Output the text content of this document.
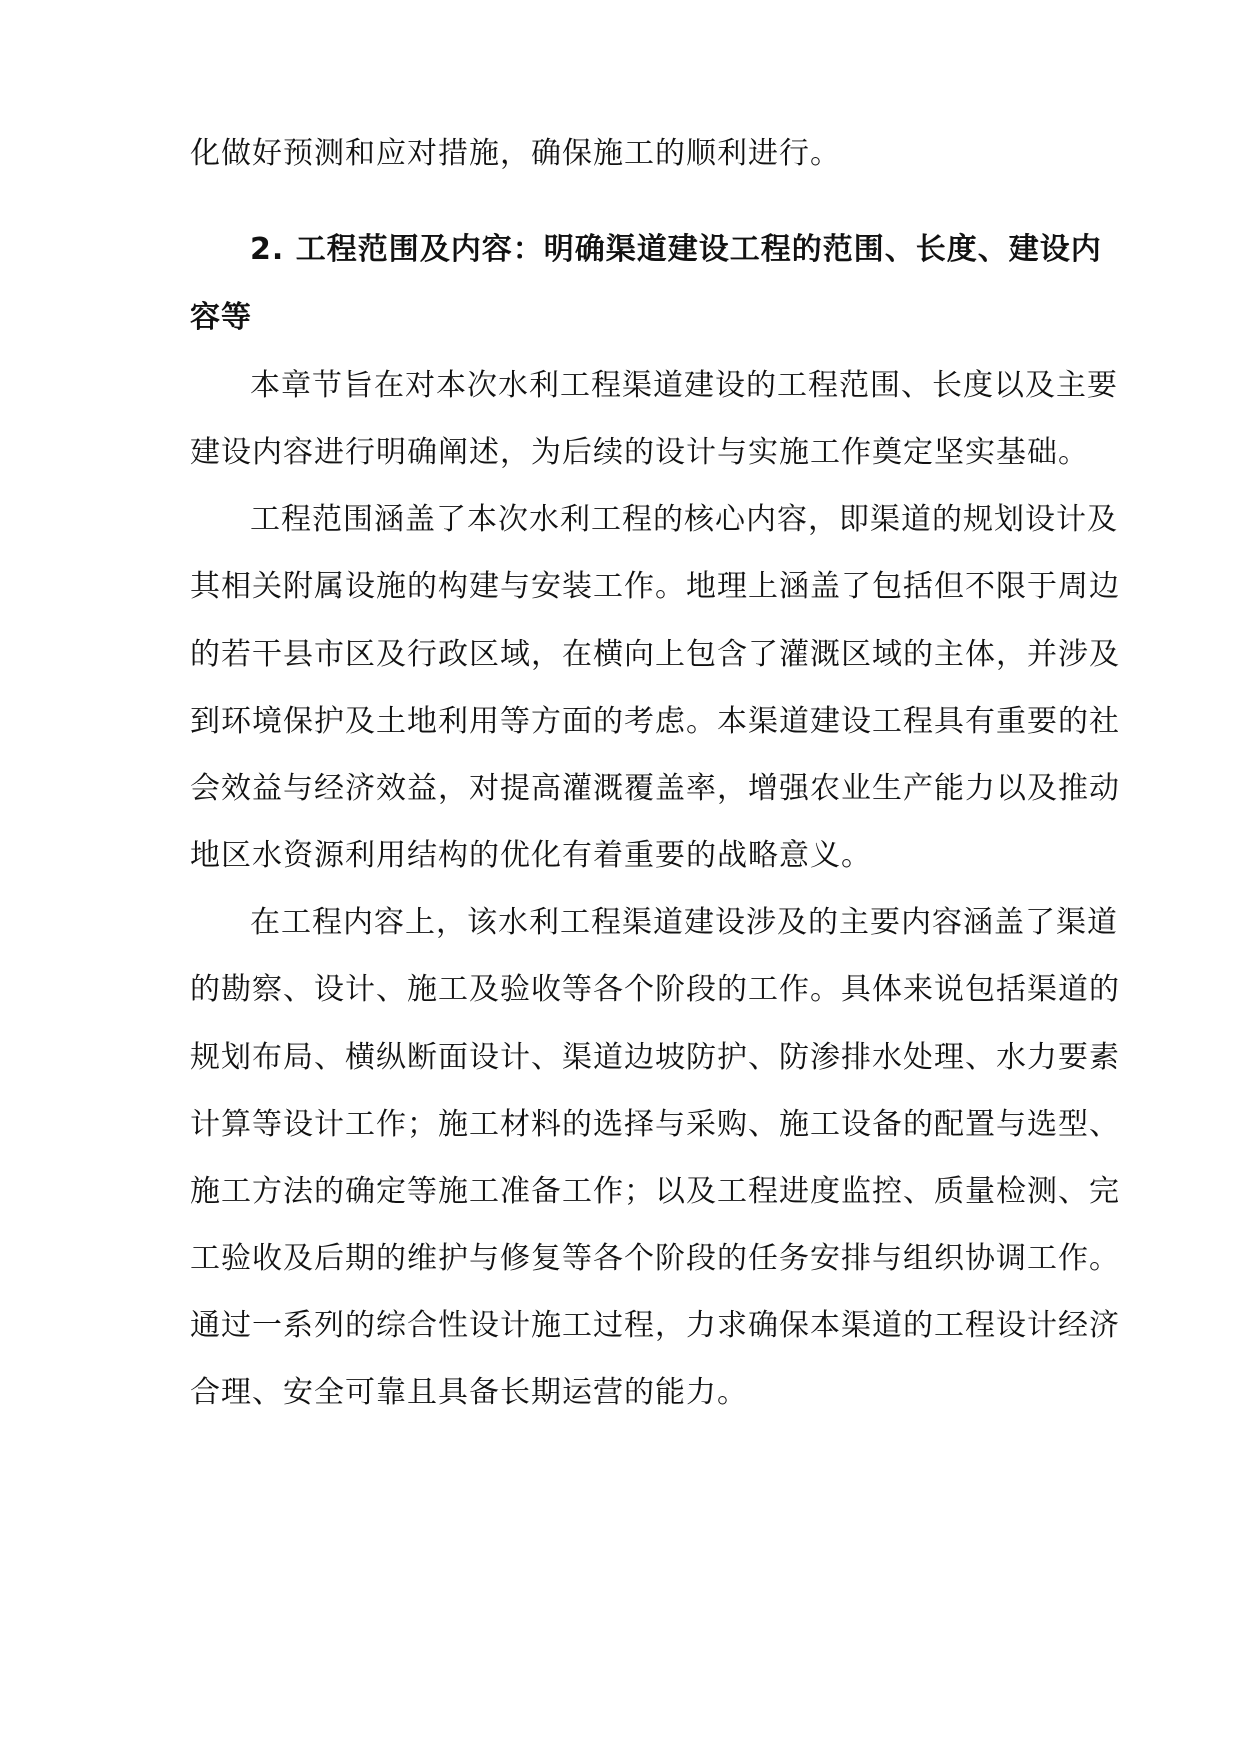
化做好预测和应对措施，确保施工的顺利进行。
2. 工程范围及内容：明确渠道建设工程的范围、长度、建设内
容等
本章节旨在对本次水利工程渠道建设的工程范围、长度以及主要
建设内容进行明确阐述，为后续的设计与实施工作奠定坚实基础。
工程范围涵盖了本次水利工程的核心内容，即渠道的规划设计及
其相关附属设施的构建与安装工作。地理上涵盖了包括但不限于周边
的若干县市区及行政区域，在横向上包含了灌溉区域的主体，并涉及
到环境保护及土地利用等方面的考虑。本渠道建设工程具有重要的社
会效益与经济效益，对提高灌溉覆盖率，增强农业生产能力以及推动
地区水资源利用结构的优化有着重要的战略意义。
在工程内容上，该水利工程渠道建设涉及的主要内容涵盖了渠道
的勘察、设计、施工及验收等各个阶段的工作。具体来说包括渠道的
规划布局、横纵断面设计、渠道边坡防护、防渗排水处理、水力要素
计算等设计工作；施工材料的选择与采购、施工设备的配置与选型、
施工方法的确定等施工准备工作；以及工程进度监控、质量检测、完
工验收及后期的维护与修复等各个阶段的任务安排与组织协调工作。
通过一系列的综合性设计施工过程，力求确保本渠道的工程设计经济
合理、安全可靠且具备长期运营的能力。
